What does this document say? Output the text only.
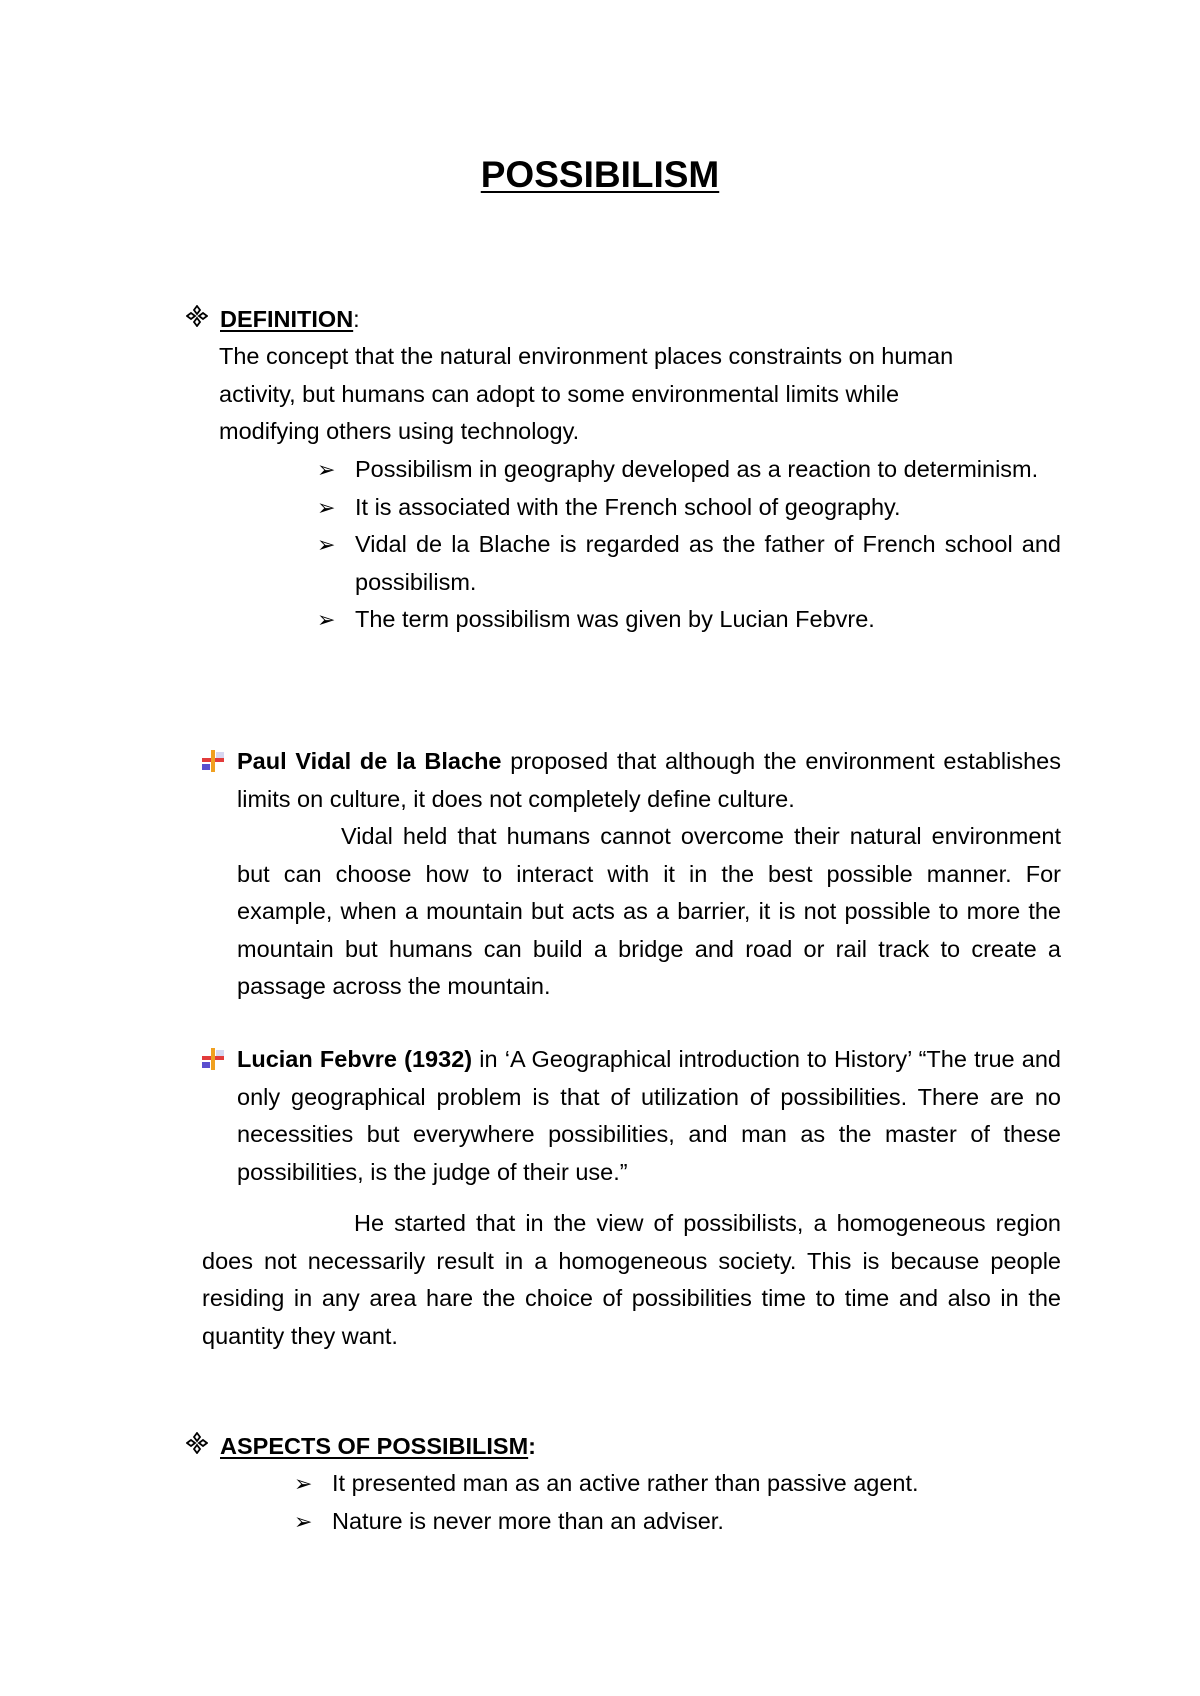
POSSIBILISM
DEFINITION:

The concept that the natural environment places constraints on human

activity, but humans can adopt to some environmental limits while

modifying others using technology.

➢ Possibilism in geography developed as a reaction to determinism.
➢ It is associated with the French school of geography.
➢ Vidal de la Blache is regarded as the father of French school and possibilism.
➢ The term possibilism was given by Lucian Febvre.

Paul Vidal de la Blache proposed that although the environment establishes limits on culture, it does not completely define culture.

Vidal held that humans cannot overcome their natural environment but can choose how to interact with it in the best possible manner. For example, when a mountain but acts as a barrier, it is not possible to more the mountain but humans can build a bridge and road or rail track to create a passage across the mountain.

Lucian Febvre (1932) in ‘A Geographical introduction to History’ “The true and only geographical problem is that of utilization of possibilities. There are no necessities but everywhere possibilities, and man as the master of these possibilities, is the judge of their use.”

He started that in the view of possibilists, a homogeneous region does not necessarily result in a homogeneous society. This is because people residing in any area hare the choice of possibilities time to time and also in the quantity they want.

ASPECTS OF POSSIBILISM:
➢ It presented man as an active rather than passive agent.
➢ Nature is never more than an adviser.
